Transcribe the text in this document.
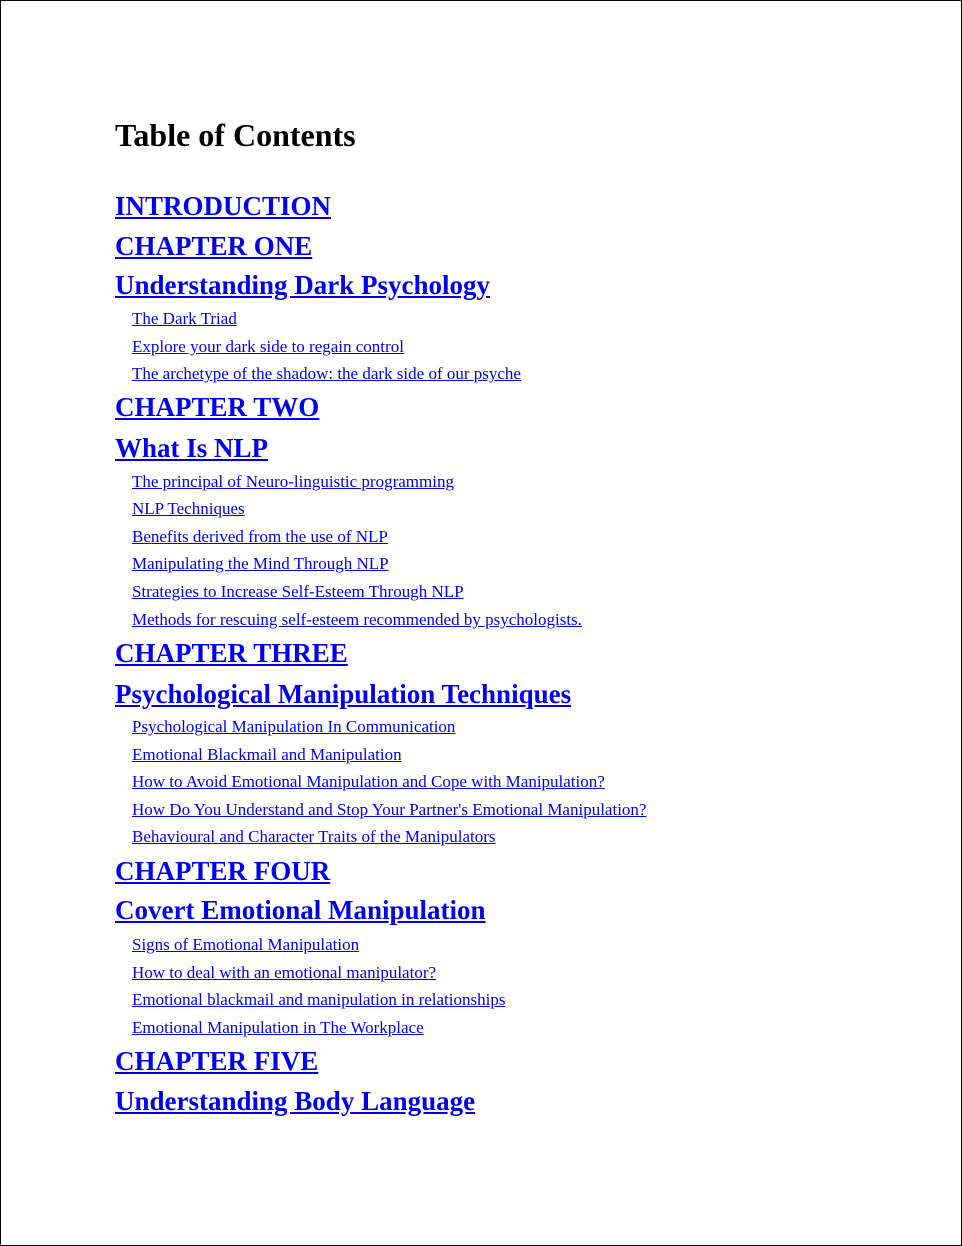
Table of Contents
INTRODUCTION
CHAPTER ONE
Understanding Dark Psychology
The Dark Triad
Explore your dark side to regain control
The archetype of the shadow: the dark side of our psyche
CHAPTER TWO
What Is NLP
The principal of Neuro-linguistic programming
NLP Techniques
Benefits derived from the use of NLP
Manipulating the Mind Through NLP
Strategies to Increase Self-Esteem Through NLP
Methods for rescuing self-esteem recommended by psychologists.
CHAPTER THREE
Psychological Manipulation Techniques
Psychological Manipulation In Communication
Emotional Blackmail and Manipulation
How to Avoid Emotional Manipulation and Cope with Manipulation?
How Do You Understand and Stop Your Partner's Emotional Manipulation?
Behavioural and Character Traits of the Manipulators
CHAPTER FOUR
Covert Emotional Manipulation
Signs of Emotional Manipulation
How to deal with an emotional manipulator?
Emotional blackmail and manipulation in relationships
Emotional Manipulation in The Workplace
CHAPTER FIVE
Understanding Body Language
